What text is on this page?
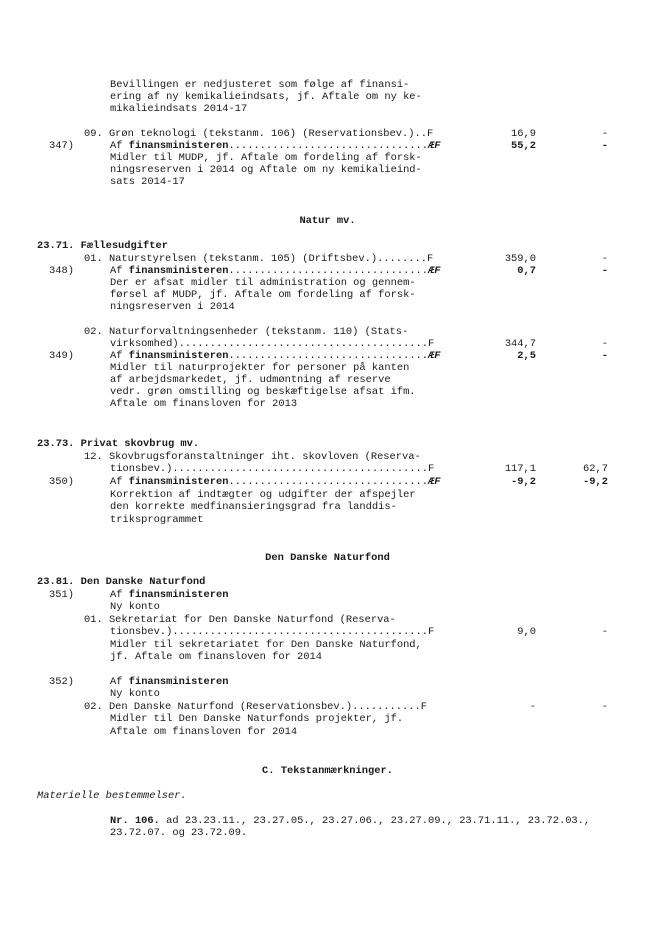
Bevillingen er nedjusteret som følge af finansi-
ering af ny kemikalieindsats, jf. Aftale om ny ke-
mikalieindsats 2014-17
09. Grøn teknologi (tekstanm. 106) (Reservationsbev.)..F	16,9	-
347)	Af finansministeren................................ÆF	55,2	-
Midler til MUDP, jf. Aftale om fordeling af forsk-
ningsreserven i 2014 og Aftale om ny kemikalieind-
sats 2014-17
Natur mv.
23.71. Fællesudgifter
01. Naturstyrelsen (tekstanm. 105) (Driftsbev.)........F	359,0	-
348)	Af finansministeren................................ÆF	0,7	-
Der er afsat midler til administration og gennem-
førsel af MUDP, jf. Aftale om fordeling af forsk-
ningsreserven i 2014
02. Naturforvaltningsenheder (tekstanm. 110) (Stats-
virksomhed)........................................F	344,7	-
349)	Af finansministeren................................ÆF	2,5	-
Midler til naturprojekter for personer på kanten
af arbejdsmarkedet, jf. udmøntning af reserve
vedr. grøn omstilling og beskæftigelse afsat ifm.
Aftale om finansloven for 2013
23.73. Privat skovbrug mv.
12. Skovbrugsforanstaltninger iht. skovloven (Reserva-
tionsbev.).........................................F	117,1	62,7
350)	Af finansministeren................................ÆF	-9,2	-9,2
Korrektion af indtægter og udgifter der afspejler
den korrekte medfinansieringsgrad fra landdis-
triksprogrammet
Den Danske Naturfond
23.81. Den Danske Naturfond
351)	Af finansministeren
Ny konto
01. Sekretariat for Den Danske Naturfond (Reserva-
tionsbev.).........................................F	9,0	-
Midler til sekretariatet for Den Danske Naturfond,
jf. Aftale om finansloven for 2014
352)	Af finansministeren
Ny konto
02. Den Danske Naturfond (Reservationsbev.)...........F	-	-
Midler til Den Danske Naturfonds projekter, jf.
Aftale om finansloven for 2014
C. Tekstanmærkninger.
Materielle bestemmelser.
Nr. 106. ad 23.23.11., 23.27.05., 23.27.06., 23.27.09., 23.71.11., 23.72.03.,
23.72.07. og 23.72.09.
